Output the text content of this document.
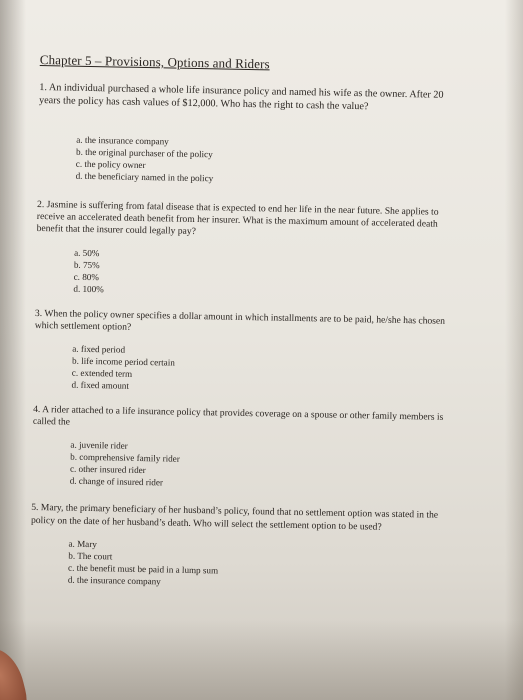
Chapter 5 – Provisions, Options and Riders
1. An individual purchased a whole life insurance policy and named his wife as the owner. After 20 years the policy has cash values of $12,000. Who has the right to cash the value?
a. the insurance company
b. the original purchaser of the policy
c. the policy owner
d. the beneficiary named in the policy
2. Jasmine is suffering from fatal disease that is expected to end her life in the near future. She applies to receive an accelerated death benefit from her insurer. What is the maximum amount of accelerated death benefit that the insurer could legally pay?
a. 50%
b. 75%
c. 80%
d. 100%
3. When the policy owner specifies a dollar amount in which installments are to be paid, he/she has chosen which settlement option?
a. fixed period
b. life income period certain
c. extended term
d. fixed amount
4. A rider attached to a life insurance policy that provides coverage on a spouse or other family members is called the
a. juvenile rider
b. comprehensive family rider
c. other insured rider
d. change of insured rider
5. Mary, the primary beneficiary of her husband’s policy, found that no settlement option was stated in the policy on the date of her husband’s death. Who will select the settlement option to be used?
a. Mary
b. The court
c. the benefit must be paid in a lump sum
d. the insurance company
